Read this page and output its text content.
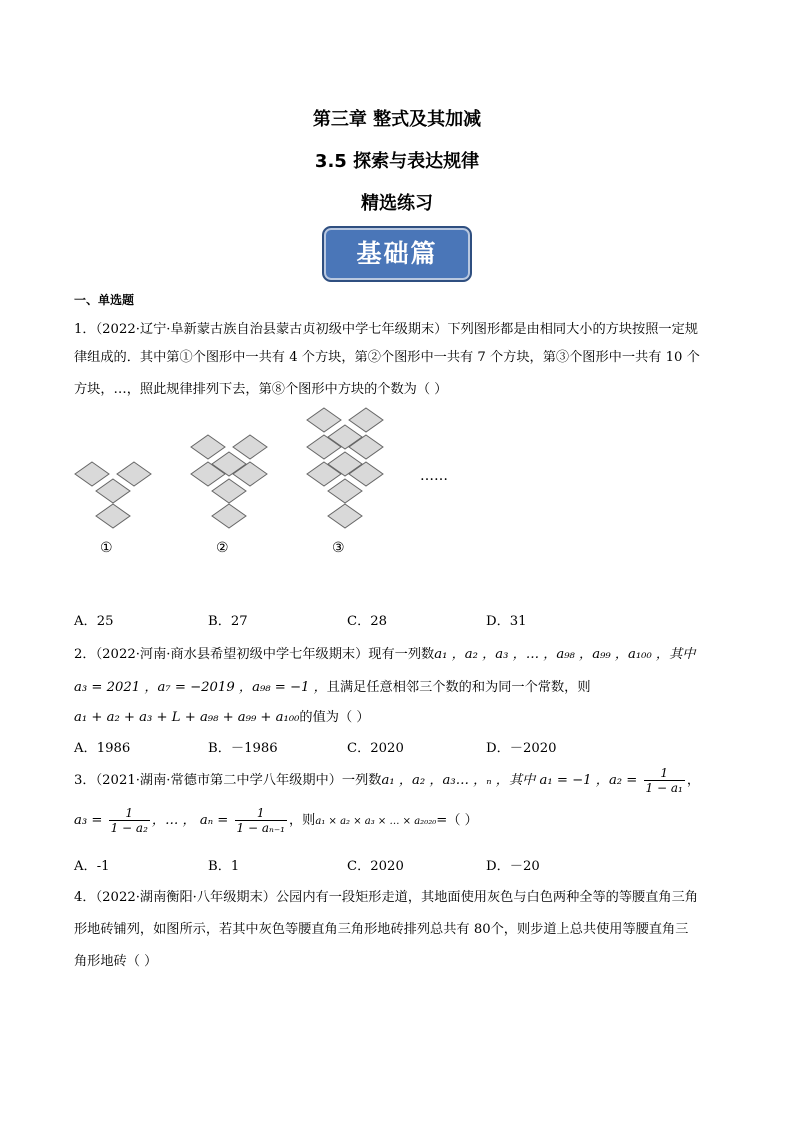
第三章 整式及其加减
3.5 探索与表达规律
精选练习
基础篇
一、单选题
1．（2022·辽宁·阜新蒙古族自治县蒙古贞初级中学七年级期末）下列图形都是由相同大小的方块按照一定规
律组成的．其中第①个图形中一共有 4 个方块，第②个图形中一共有 7 个方块，第③个图形中一共有 10 个
方块，…，照此规律排列下去，第⑧个图形中方块的个数为（ ）
①	②	③
……
A．25	B．27	C．28	D．31
2．（2022·河南·商水县希望初级中学七年级期末）现有一列数a₁ ，a₂ ，a₃ ，… ，a₉₈ ，a₉₉ ，a₁₀₀ ，其中
a₃ = 2021 ，a₇ = −2019 ，a₉₈ = −1 ，且满足任意相邻三个数的和为同一个常数，则
a₁ + a₂ + a₃ + L + a₉₈ + a₉₉ + a₁₀₀的值为（ ）
A．1986	B．－1986	C．2020	D．－2020
3．（2021·湖南·常德市第二中学八年级期中）一列数a₁ ，a₂ ，a₃… ，ₙ ，其中 a₁ = −1 ，$a_2 = \frac{1}{\text{1 − a₁}}$ ，
$a_3 = \frac{1}{\text{1 − a₂}}$ ，… ， $a_n = \frac{1}{\text{1 − aₙ₋₁}}$ ，则a₁ × a₂ × a₃ × … × a₂₀₂₀=（ ）
A．-1	B．1	C．2020	D．－20
4．（2022·湖南衡阳·八年级期末）公园内有一段矩形走道，其地面使用灰色与白色两种全等的等腰直角三角
形地砖铺列，如图所示，若其中灰色等腰直角三角形地砖排列总共有 80个，则步道上总共使用等腰直角三
角形地砖（ ）
